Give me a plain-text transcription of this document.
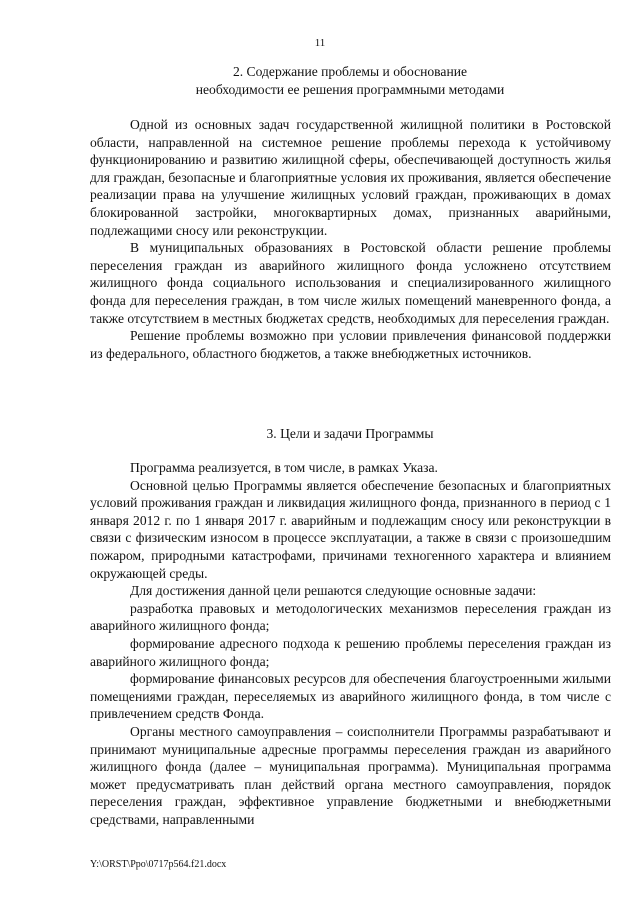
11
2. Содержание проблемы и обоснование
необходимости ее решения программными методами

Одной из основных задач государственной жилищной политики в Ростовской области, направленной на системное решение проблемы перехода к устойчивому функционированию и развитию жилищной сферы, обеспечивающей доступность жилья для граждан, безопасные и благоприятные условия их проживания, является обеспечение реализации права на улучшение жилищных условий граждан, проживающих в домах блокированной застройки, многоквартирных домах, признанных аварийными, подлежащими сносу или реконструкции.

В муниципальных образованиях в Ростовской области решение проблемы переселения граждан из аварийного жилищного фонда усложнено отсутствием жилищного фонда социального использования и специализированного жилищного фонда для переселения граждан, в том числе жилых помещений маневренного фонда, а также отсутствием в местных бюджетах средств, необходимых для переселения граждан.

Решение проблемы возможно при условии привлечения финансовой поддержки из федерального, областного бюджетов, а также внебюджетных источников.

3. Цели и задачи Программы

Программа реализуется, в том числе, в рамках Указа.

Основной целью Программы является обеспечение безопасных и благоприятных условий проживания граждан и ликвидация жилищного фонда, признанного в период с 1 января 2012 г. по 1 января 2017 г. аварийным и подлежащим сносу или реконструкции в связи с физическим износом в процессе эксплуатации, а также в связи с произошедшим пожаром, природными катастрофами, причинами техногенного характера и влиянием окружающей среды.

Для достижения данной цели решаются следующие основные задачи:

разработка правовых и методологических механизмов переселения граждан из аварийного жилищного фонда;

формирование адресного подхода к решению проблемы переселения граждан из аварийного жилищного фонда;

формирование финансовых ресурсов для обеспечения благоустроенными жилыми помещениями граждан, переселяемых из аварийного жилищного фонда, в том числе с привлечением средств Фонда.

Органы местного самоуправления – соисполнители Программы разрабатывают и принимают муниципальные адресные программы переселения граждан из аварийного жилищного фонда (далее – муниципальная программа). Муниципальная программа может предусматривать план действий органа местного самоуправления, порядок переселения граждан, эффективное управление бюджетными и внебюджетными средствами, направленными

Y:\ORST\Ppo\0717p564.f21.docx
